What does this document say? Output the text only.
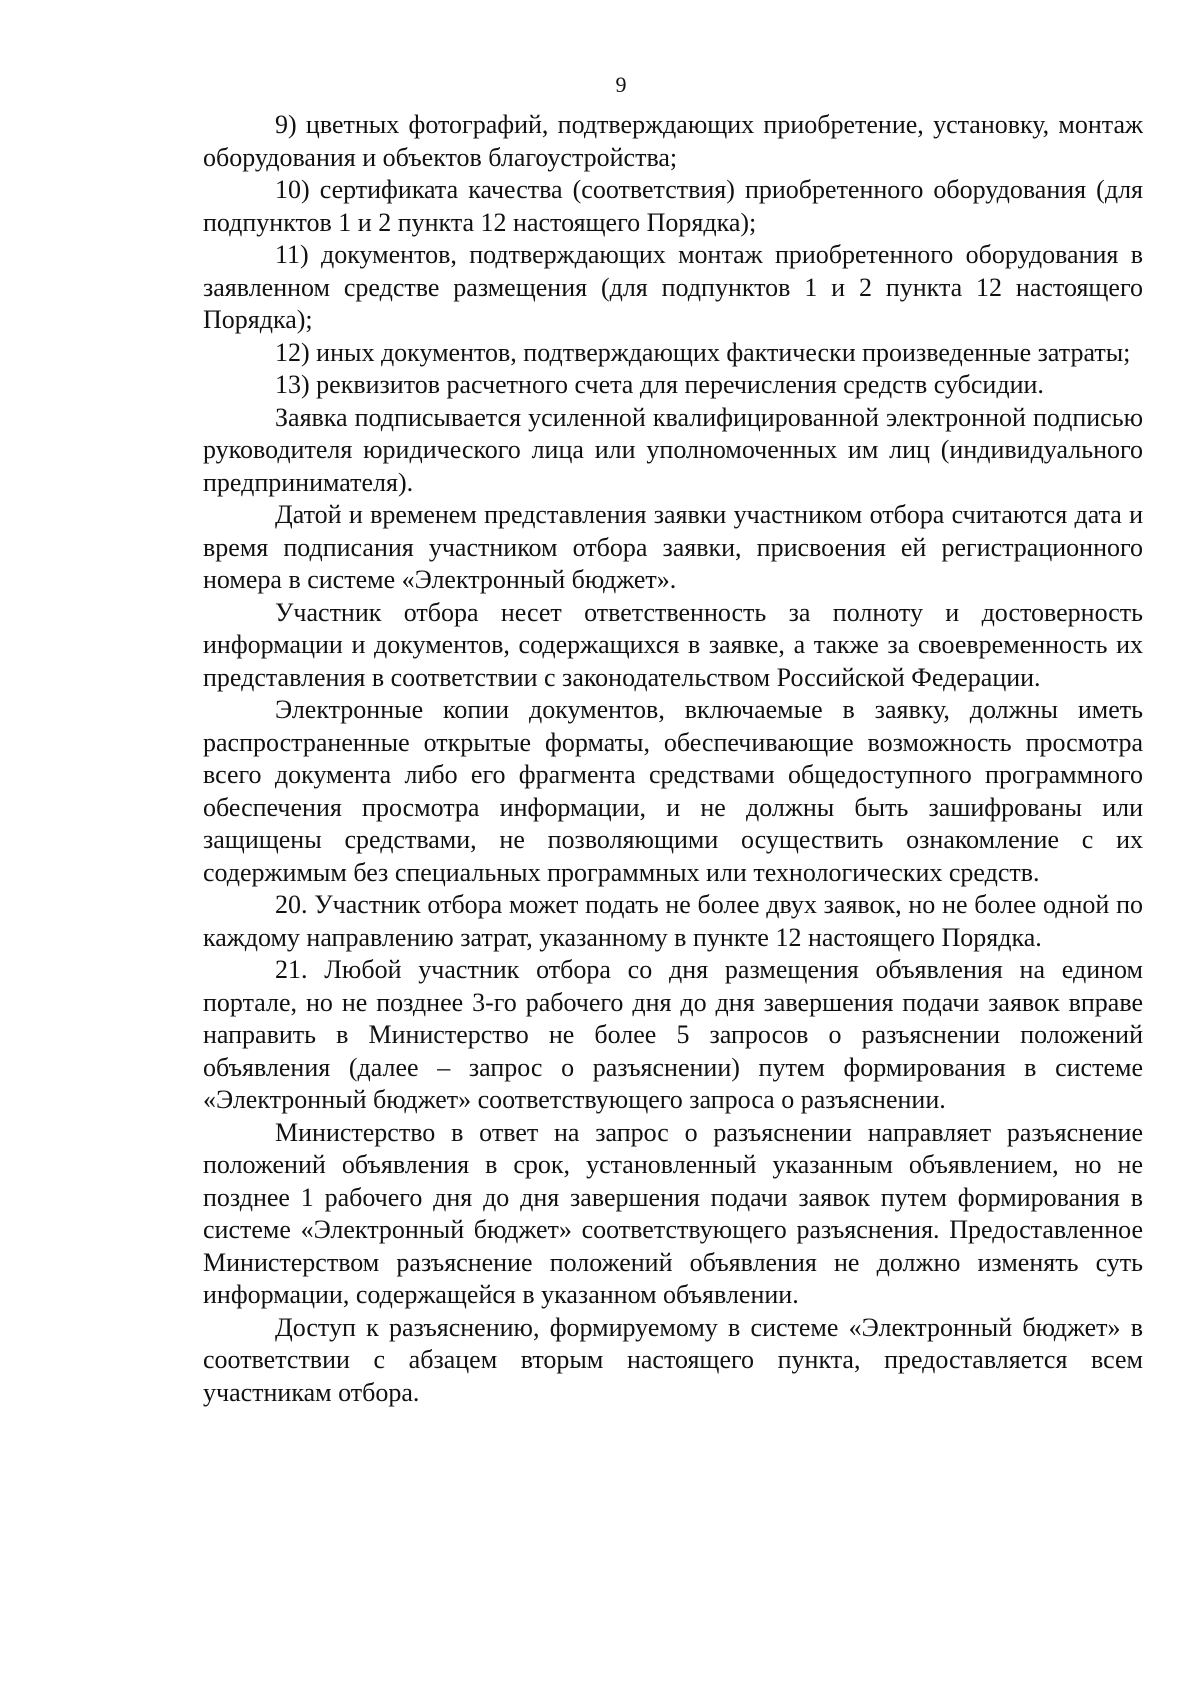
9

9) цветных фотографий, подтверждающих приобретение, установку, монтаж оборудования и объектов благоустройства;

10) сертификата качества (соответствия) приобретенного оборудования (для подпунктов 1 и 2 пункта 12 настоящего Порядка);

11) документов, подтверждающих монтаж приобретенного оборудования в заявленном средстве размещения (для подпунктов 1 и 2 пункта 12 настоящего Порядка);

12) иных документов, подтверждающих фактически произведенные затраты;

13) реквизитов расчетного счета для перечисления средств субсидии.

Заявка подписывается усиленной квалифицированной электронной подписью руководителя юридического лица или уполномоченных им лиц (индивидуального предпринимателя).

Датой и временем представления заявки участником отбора считаются дата и время подписания участником отбора заявки, присвоения ей регистрационного номера в системе «Электронный бюджет».

Участник отбора несет ответственность за полноту и достоверность информации и документов, содержащихся в заявке, а также за своевременность их представления в соответствии с законодательством Российской Федерации.

Электронные копии документов, включаемые в заявку, должны иметь распространенные открытые форматы, обеспечивающие возможность просмотра всего документа либо его фрагмента средствами общедоступного программного обеспечения просмотра информации, и не должны быть зашифрованы или защищены средствами, не позволяющими осуществить ознакомление с их содержимым без специальных программных или технологических средств.

20. Участник отбора может подать не более двух заявок, но не более одной по каждому направлению затрат, указанному в пункте 12 настоящего Порядка.

21. Любой участник отбора со дня размещения объявления на едином портале, но не позднее 3-го рабочего дня до дня завершения подачи заявок вправе направить в Министерство не более 5 запросов о разъяснении положений объявления (далее – запрос о разъяснении) путем формирования в системе «Электронный бюджет» соответствующего запроса о разъяснении.

Министерство в ответ на запрос о разъяснении направляет разъяснение положений объявления в срок, установленный указанным объявлением, но не позднее 1 рабочего дня до дня завершения подачи заявок путем формирования в системе «Электронный бюджет» соответствующего разъяснения. Предоставленное Министерством разъяснение положений объявления не должно изменять суть информации, содержащейся в указанном объявлении.

Доступ к разъяснению, формируемому в системе «Электронный бюджет» в соответствии с абзацем вторым настоящего пункта, предоставляется всем участникам отбора.
